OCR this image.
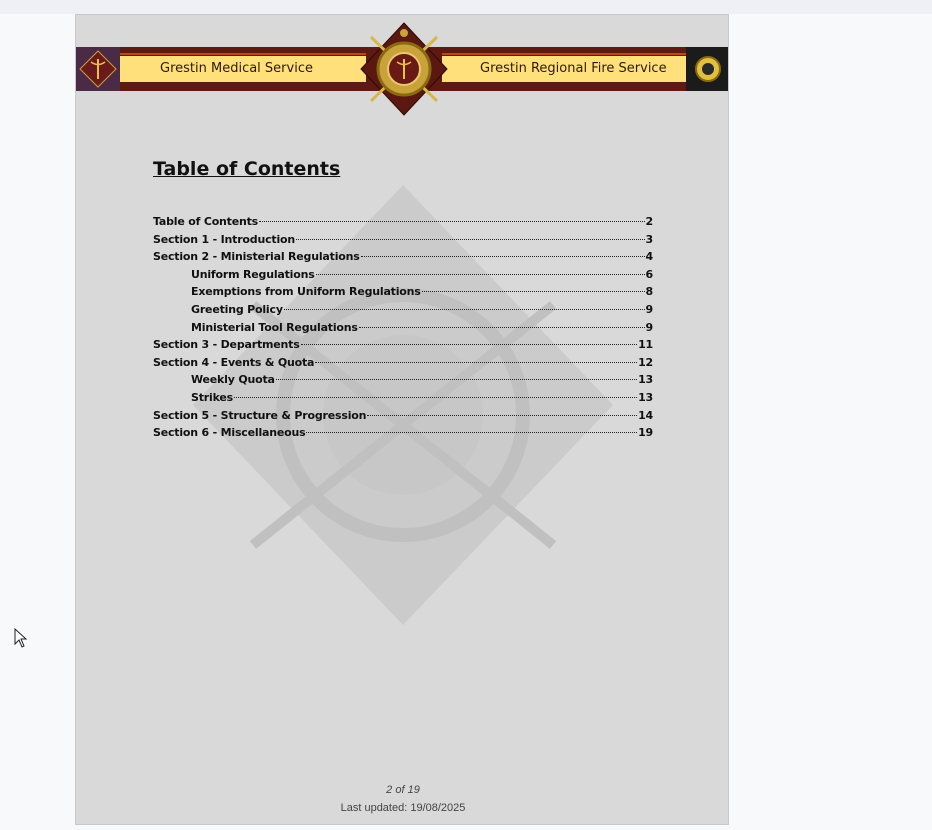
Grestin Medical Service	Grestin Regional Fire Service
Table of Contents
Table of Contents	2
Section 1 - Introduction	3
Section 2 - Ministerial Regulations	4
Uniform Regulations	6
Exemptions from Uniform Regulations	8
Greeting Policy	9
Ministerial Tool Regulations	9
Section 3 - Departments	11
Section 4 - Events & Quota	12
Weekly Quota	13
Strikes	13
Section 5 - Structure & Progression	14
Section 6 - Miscellaneous	19
2 of 19
Last updated: 19/08/2025
